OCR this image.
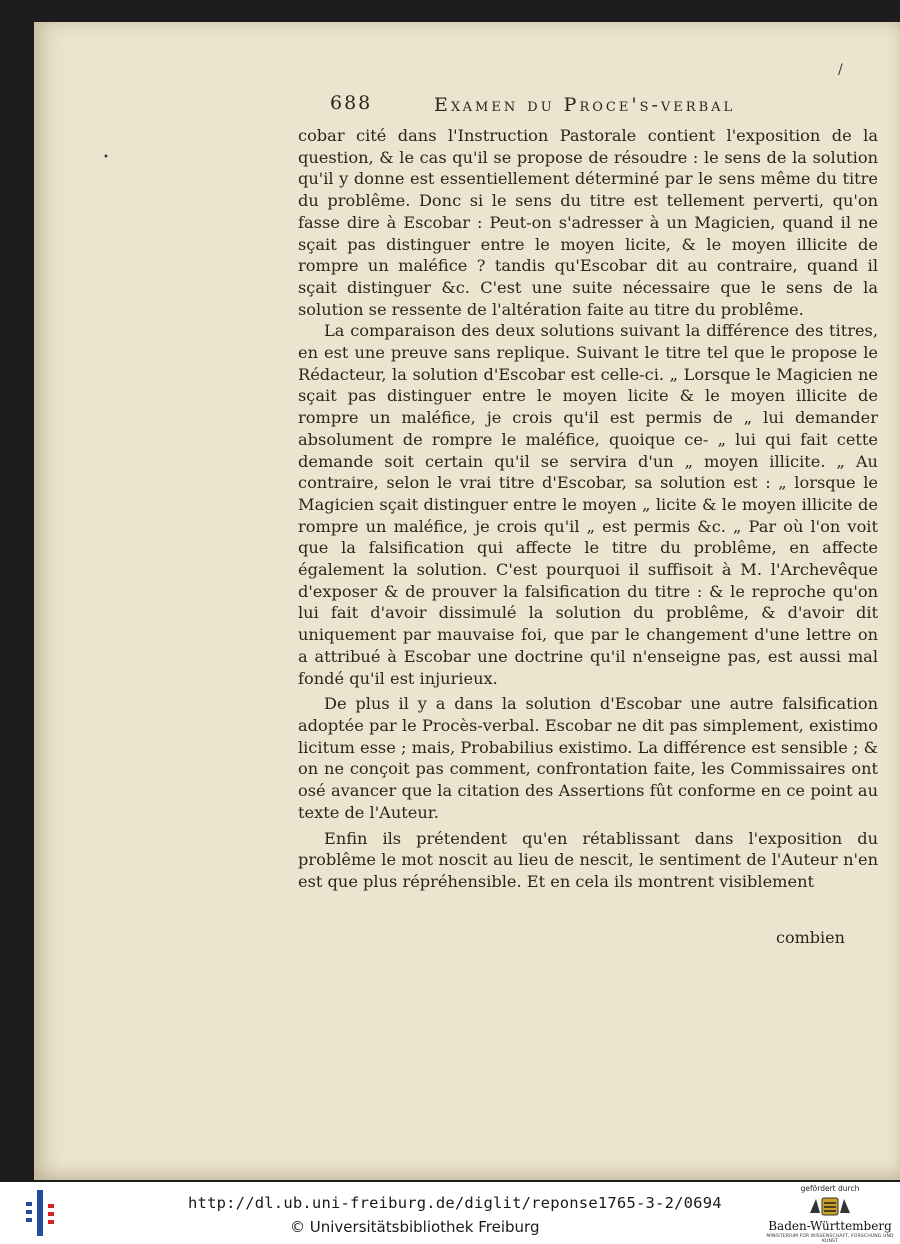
688	Examen du Proce's-verbal
/
•

cobar cité dans l'Instruction Pastorale contient l'exposition de la question, & le cas qu'il se propose de résoudre : le sens de la solution qu'il y donne est essentiellement déterminé par le sens même du titre du problême. Donc si le sens du titre est tellement perverti, qu'on fasse dire à Escobar : Peut-on s'adresser à un Magicien, quand il ne sçait pas distinguer entre le moyen licite, & le moyen illicite de rompre un maléfice ? tandis qu'Escobar dit au contraire, quand il sçait distinguer &c. C'est une suite nécessaire que le sens de la solution se ressente de l'altération faite au titre du problême.

La comparaison des deux solutions suivant la différence des titres, en est une preuve sans replique. Suivant le titre tel que le propose le Rédacteur, la solution d'Escobar est celle-ci. „ Lorsque le Magicien ne sçait pas distinguer entre le moyen licite & le moyen illicite de rompre un maléfice, je crois qu'il est permis de „ lui demander absolument de rompre le maléfice, quoique ce- „ lui qui fait cette demande soit certain qu'il se servira d'un „ moyen illicite. „ Au contraire, selon le vrai titre d'Escobar, sa solution est : „ lorsque le Magicien sçait distinguer entre le moyen „ licite & le moyen illicite de rompre un maléfice, je crois qu'il „ est permis &c. „ Par où l'on voit que la falsification qui affecte le titre du problême, en affecte également la solution. C'est pourquoi il suffisoit à M. l'Archevêque d'exposer & de prouver la falsification du titre : & le reproche qu'on lui fait d'avoir dissimulé la solution du problême, & d'avoir dit uniquement par mauvaise foi, que par le changement d'une lettre on a attribué à Escobar une doctrine qu'il n'enseigne pas, est aussi mal fondé qu'il est injurieux.

De plus il y a dans la solution d'Escobar une autre falsification adoptée par le Procès-verbal. Escobar ne dit pas simplement, existimo licitum esse ; mais, Probabilius existimo. La différence est sensible ; & on ne conçoit pas comment, confrontation faite, les Commissaires ont osé avancer que la citation des Assertions fût conforme en ce point au texte de l'Auteur.

Enfin ils prétendent qu'en rétablissant dans l'exposition du problême le mot noscit au lieu de nescit, le sentiment de l'Auteur n'en est que plus répréhensible. Et en cela ils montrent visiblement

combien
http://dl.ub.uni-freiburg.de/diglit/reponse1765-3-2/0694
© Universitätsbibliothek Freiburg
gefördert durch
Baden-Württemberg
MINISTERIUM FÜR WISSENSCHAFT, FORSCHUNG UND KUNST
